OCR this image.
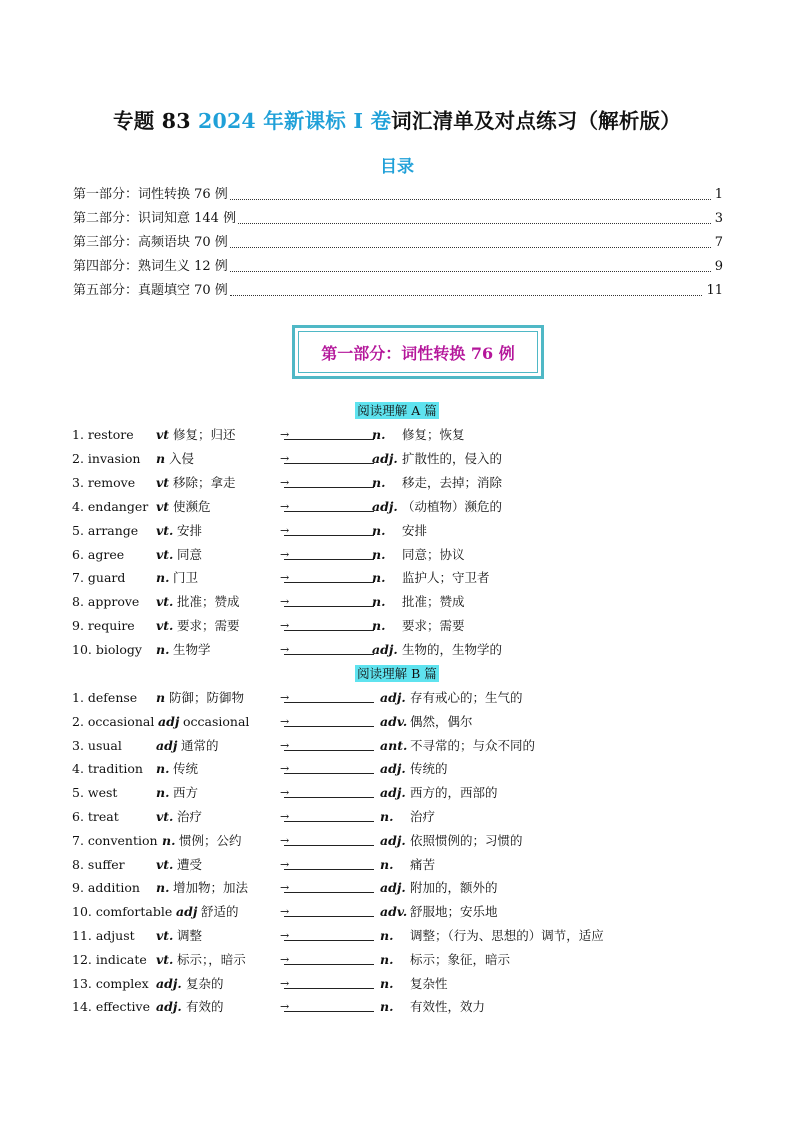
专题 83 2024 年新课标 I 卷词汇清单及对点练习（解析版）
目录
第一部分：词性转换 76 例	1
第二部分：识词知意 144 例	3
第三部分：高频语块 70 例	7
第四部分：熟词生义 12 例	9
第五部分：真题填空 70 例	11
第一部分：词性转换 76 例
阅读理解 A 篇
1. restore vt 修复；归还	→	n. 修复；恢复
2. invasion n 入侵	→	adj. 扩散性的，侵入的
3. remove vt 移除；拿走	→	n. 移走，去掉；消除
4. endanger vt 使濒危	→	adj. （动植物）濒危的
5. arrange vt. 安排	→	n. 安排
6. agree	vt. 同意	→	n. 同意；协议
7. guard n. 门卫	→	n. 监护人；守卫者
8. approve vt. 批准；赞成	→	n. 批准；赞成
9. require vt. 要求；需要	→	n. 要求；需要
10. biology n. 生物学	→	adj. 生物的，生物学的
阅读理解 B 篇
1. defense n 防御；防御物	→	adj. 存有戒心的；生气的
2. occasional adj occasional	→	adv. 偶然，偶尔
3. usual	adj 通常的	→	ant. 不寻常的；与众不同的
4. tradition n. 传统	→	adj. 传统的
5. west	n. 西方	→	adj. 西方的，西部的
6. treat	vt. 治疗	→	n. 治疗
7. convention n. 惯例；公约	→	adj. 依照惯例的；习惯的
8. suffer	vt. 遭受	→	n. 痛苦
9. addition n. 增加物；加法	→	adj. 附加的，额外的
10. comfortable adj 舒适的	→	adv. 舒服地；安乐地
11. adjust vt. 调整	→	n. 调整；（行为、思想的）调节，适应
12. indicate vt. 标示；，暗示	→	n. 标示；象征，暗示
13. complex adj. 复杂的	→	n. 复杂性
14. effective adj. 有效的	→	n. 有效性，效力
